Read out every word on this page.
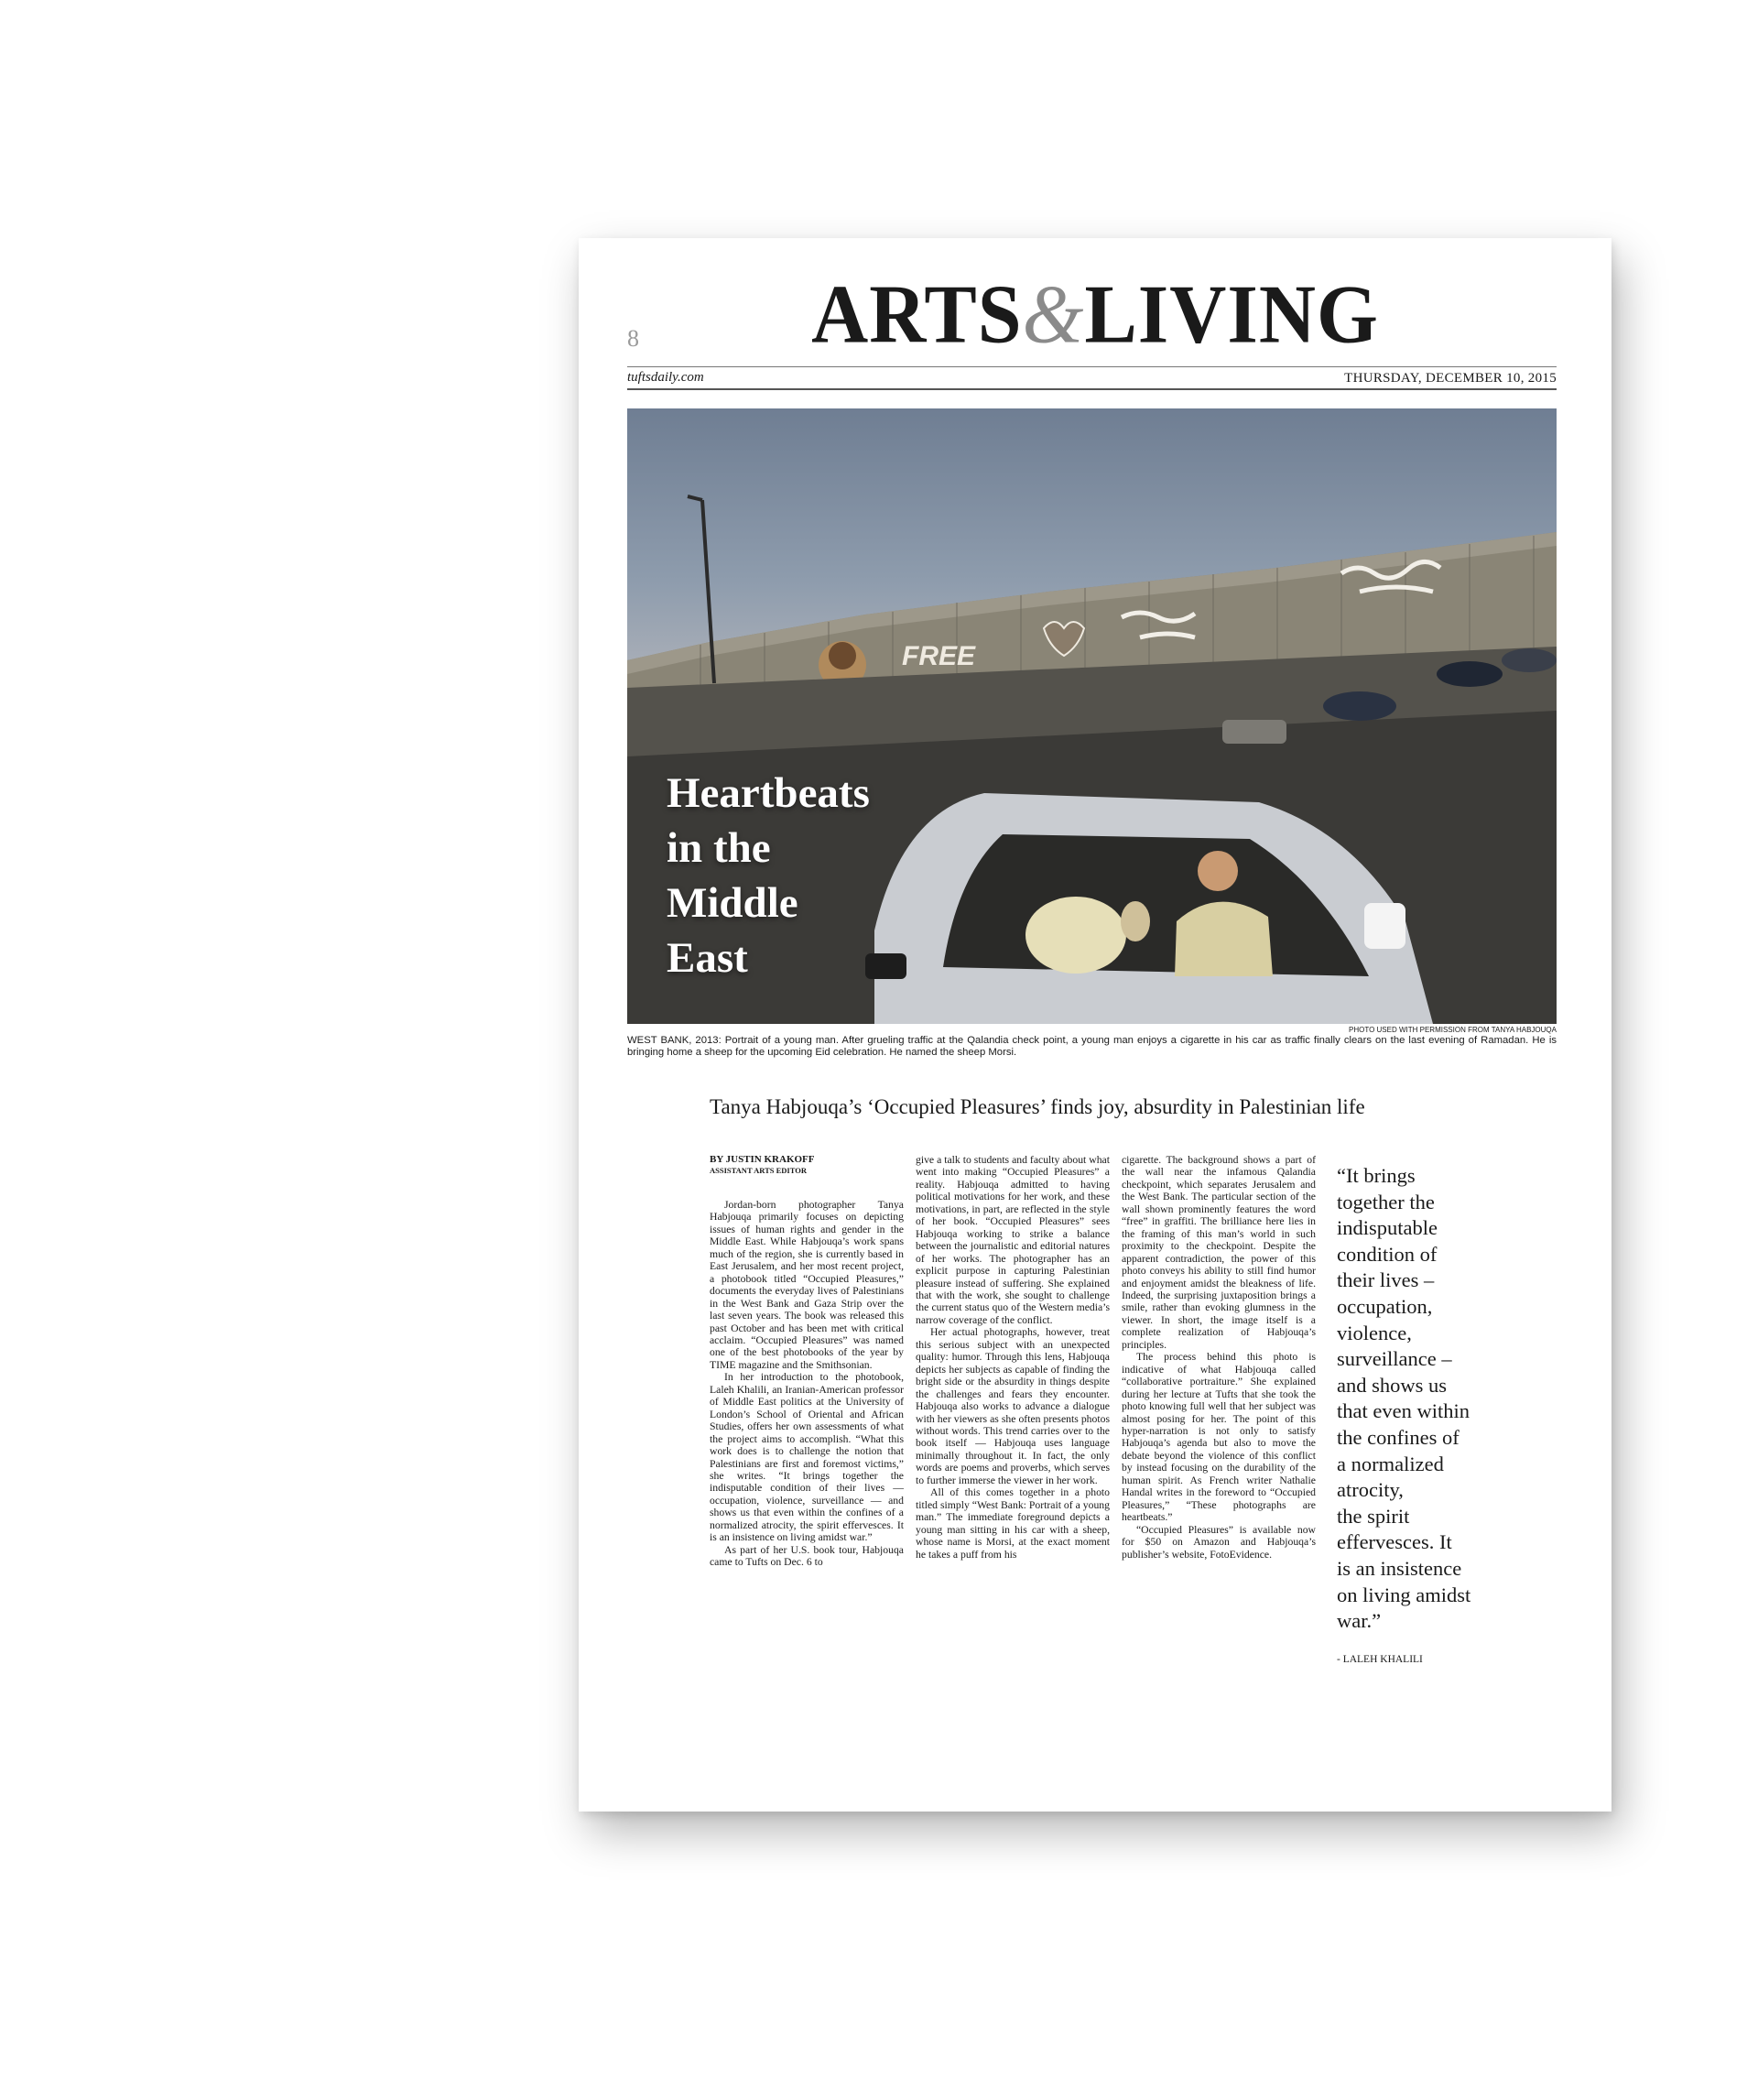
8	ARTS&LIVING
tuftsdaily.com	THURSDAY, DECEMBER 10, 2015
FREE
Heartbeats
in the
Middle
East
PHOTO USED WITH PERMISSION FROM TANYA HABJOUQA
WEST BANK, 2013: Portrait of a young man. After grueling traffic at the Qalandia check point, a young man enjoys a cigarette in his car as traffic finally clears on the last evening of Ramadan. He is bringing home a sheep for the upcoming Eid celebration. He named the sheep Morsi.
Tanya Habjouqa’s ‘Occupied Pleasures’ finds joy, absurdity in Palestinian life
BY JUSTIN KRAKOFF
ASSISTANT ARTS EDITOR

Jordan-born photographer Tanya Habjouqa primarily focuses on depicting issues of human rights and gender in the Middle East. While Habjouqa’s work spans much of the region, she is currently based in East Jerusalem, and her most recent project, a photobook titled “Occupied Pleasures,” documents the everyday lives of Palestinians in the West Bank and Gaza Strip over the last seven years. The book was released this past October and has been met with critical acclaim. “Occupied Pleasures” was named one of the best photobooks of the year by TIME magazine and the Smithsonian.

In her introduction to the photobook, Laleh Khalili, an Iranian-American professor of Middle East politics at the University of London’s School of Oriental and African Studies, offers her own assessments of what the project aims to accomplish. “What this work does is to challenge the notion that Palestinians are first and foremost victims,” she writes. “It brings together the indisputable condition of their lives — occupation, violence, surveillance — and shows us that even within the confines of a normalized atrocity, the spirit effervesces. It is an insistence on living amidst war.”

As part of her U.S. book tour, Habjouqa came to Tufts on Dec. 6 to

give a talk to students and faculty about what went into making “Occupied Pleasures” a reality. Habjouqa admitted to having political motivations for her work, and these motivations, in part, are reflected in the style of her book. “Occupied Pleasures” sees Habjouqa working to strike a balance between the journalistic and editorial natures of her works. The photographer has an explicit purpose in capturing Palestinian pleasure instead of suffering. She explained that with the work, she sought to challenge the current status quo of the Western media’s narrow coverage of the conflict.

Her actual photographs, however, treat this serious subject with an unexpected quality: humor. Through this lens, Habjouqa depicts her subjects as capable of finding the bright side or the absurdity in things despite the challenges and fears they encounter. Habjouqa also works to advance a dialogue with her viewers as she often presents photos without words. This trend carries over to the book itself — Habjouqa uses language minimally throughout it. In fact, the only words are poems and proverbs, which serves to further immerse the viewer in her work.

All of this comes together in a photo titled simply “West Bank: Portrait of a young man.” The immediate foreground depicts a young man sitting in his car with a sheep, whose name is Morsi, at the exact moment he takes a puff from his

cigarette. The background shows a part of the wall near the infamous Qalandia checkpoint, which separates Jerusalem and the West Bank. The particular section of the wall shown prominently features the word “free” in graffiti. The brilliance here lies in the framing of this man’s world in such proximity to the checkpoint. Despite the apparent contradiction, the power of this photo conveys his ability to still find humor and enjoyment amidst the bleakness of life. Indeed, the surprising juxtaposition brings a smile, rather than evoking glumness in the viewer. In short, the image itself is a complete realization of Habjouqa’s principles.

The process behind this photo is indicative of what Habjouqa called “collaborative portraiture.” She explained during her lecture at Tufts that she took the photo knowing full well that her subject was almost posing for her. The point of this hyper-narration is not only to satisfy Habjouqa’s agenda but also to move the debate beyond the violence of this conflict by instead focusing on the durability of the human spirit. As French writer Nathalie Handal writes in the foreword to “Occupied Pleasures,” “These photographs are heartbeats.”

“Occupied Pleasures” is available now for $50 on Amazon and Habjouqa’s publisher’s website, FotoEvidence.

“It brings
together the
indisputable
condition of
their lives –
occupation,
violence,
surveillance –
and shows us
that even within
the confines of
a normalized
atrocity,
the spirit
effervesces. It
is an insistence
on living amidst
war.”
- LALEH KHALILI
